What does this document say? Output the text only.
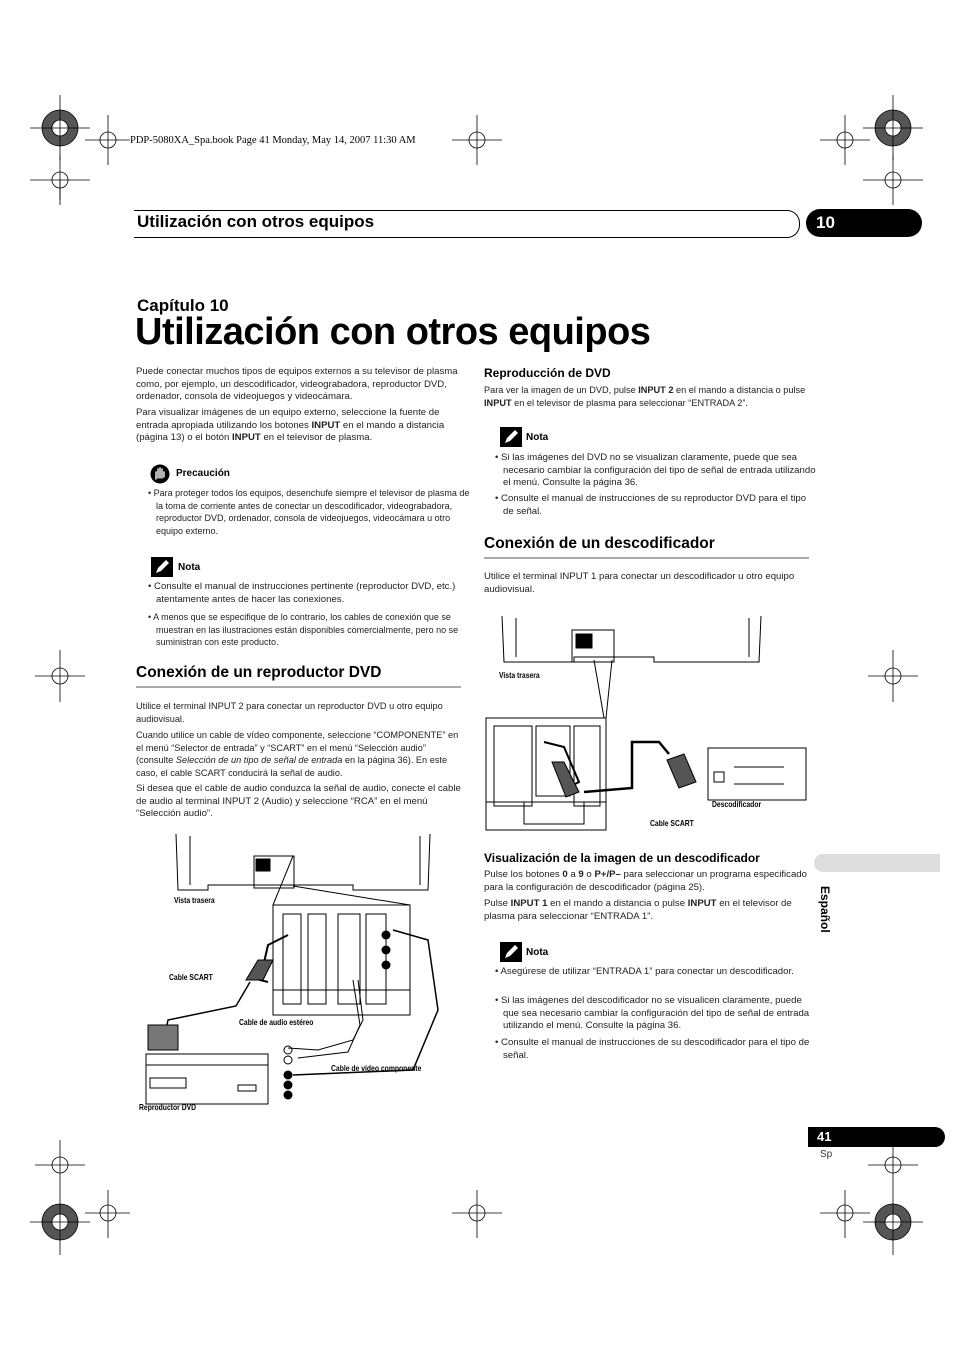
PDP-5080XA_Spa.book Page 41 Monday, May 14, 2007 11:30 AM
Utilización con otros equipos	10
Capítulo 10
Utilización con otros equipos
Puede conectar muchos tipos de equipos externos a su televisor de plasma como, por ejemplo, un descodificador, videograbadora, reproductor DVD, ordenador, consola de videojuegos y videocámara.
Para visualizar imágenes de un equipo externo, seleccione la fuente de entrada apropiada utilizando los botones INPUT en el mando a distancia (página 13) o el botón INPUT en el televisor de plasma.
Precaución
• Para proteger todos los equipos, desenchufe siempre el televisor de plasma de la toma de corriente antes de conectar un descodificador, videograbadora, reproductor DVD, ordenador, consola de videojuegos, videocámara u otro equipo externo.
Nota
• Consulte el manual de instrucciones pertinente (reproductor DVD, etc.) atentamente antes de hacer las conexiones.
• A menos que se especifique de lo contrario, los cables de conexión que se muestran en las ilustraciones están disponibles comercialmente, pero no se suministran con este producto.
Conexión de un reproductor DVD
Utilice el terminal INPUT 2 para conectar un reproductor DVD u otro equipo audiovisual.
Cuando utilice un cable de vídeo componente, seleccione “COMPONENTE” en el menú “Selector de entrada” y “SCART” en el menú “Selección audio” (consulte Selección de un tipo de señal de entrada en la página 36). En este caso, el cable SCART conducirá la señal de audio.
Si desea que el cable de audio conduzca la señal de audio, conecte el cable de audio al terminal INPUT 2 (Audio) y seleccione “RCA” en el menú “Selección audio”.
Vista trasera
Cable SCART
Cable de audio estéreo
Cable de vídeo componente
Reproductor DVD
Reproducción de DVD
Para ver la imagen de un DVD, pulse INPUT 2 en el mando a distancia o pulse INPUT en el televisor de plasma para seleccionar “ENTRADA 2”.
Nota
• Si las imágenes del DVD no se visualizan claramente, puede que sea necesario cambiar la configuración del tipo de señal de entrada utilizando el menú. Consulte la página 36.
• Consulte el manual de instrucciones de su reproductor DVD para el tipo de señal.
Conexión de un descodificador
Utilice el terminal INPUT 1 para conectar un descodificador u otro equipo audiovisual.
Vista trasera
Descodificador
Cable SCART
Visualización de la imagen de un descodificador
Pulse los botones 0 a 9 o P+/P– para seleccionar un programa especificado para la configuración de descodificador (página 25).
Pulse INPUT 1 en el mando a distancia o pulse INPUT en el televisor de plasma para seleccionar “ENTRADA 1”.
Nota
• Asegúrese de utilizar “ENTRADA 1” para conectar un descodificador.
• Si las imágenes del descodificador no se visualicen claramente, puede que sea necesario cambiar la configuración del tipo de señal de entrada utilizando el menú. Consulte la página 36.
• Consulte el manual de instrucciones de su descodificador para el tipo de señal.
Español
41
Sp
